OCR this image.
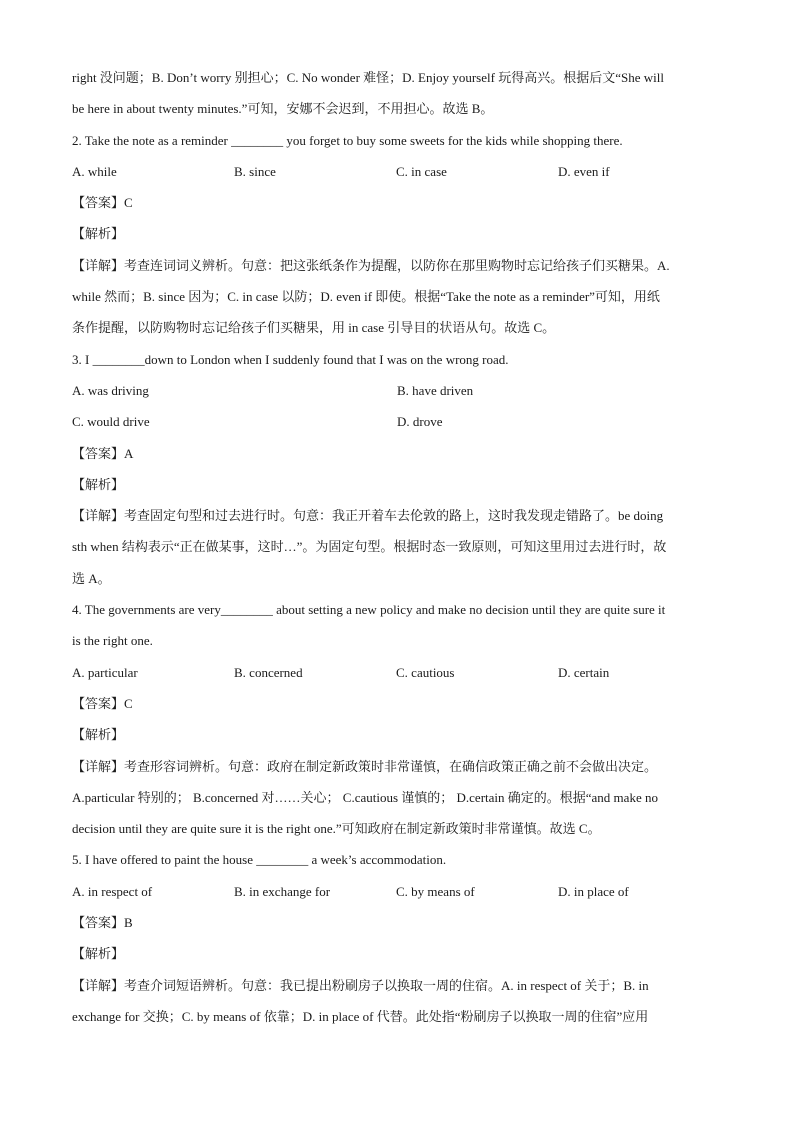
right 没问题；B. Don’t worry 别担心；C. No wonder 难怪；D. Enjoy yourself 玩得高兴。根据后文“She will
be here in about twenty minutes.”可知，安娜不会迟到，不用担心。故选 B。
2. Take the note as a reminder ________ you forget to buy some sweets for the kids while shopping there.
A. while	B. since	C. in case	D. even if
【答案】C
【解析】
【详解】考查连词词义辨析。句意：把这张纸条作为提醒，以防你在那里购物时忘记给孩子们买糖果。A.
while 然而；B. since 因为；C. in case 以防；D. even if 即使。根据“Take the note as a reminder”可知，用纸
条作提醒，以防购物时忘记给孩子们买糖果，用 in case 引导目的状语从句。故选 C。
3. I ________down to London when I suddenly found that I was on the wrong road.
A. was driving	B. have driven
C. would drive	D. drove
【答案】A
【解析】
【详解】考查固定句型和过去进行时。句意：我正开着车去伦敦的路上，这时我发现走错路了。be doing
sth when 结构表示“正在做某事，这时…”。为固定句型。根据时态一致原则，可知这里用过去进行时，故
选 A。
4. The governments are very________ about setting a new policy and make no decision until they are quite sure it
is the right one.
A. particular	B. concerned	C. cautious	D. certain
【答案】C
【解析】
【详解】考查形容词辨析。句意：政府在制定新政策时非常谨慎，在确信政策正确之前不会做出决定。
A.particular 特别的； B.concerned 对……关心； C.cautious 谨慎的； D.certain 确定的。根据“and make no
decision until they are quite sure it is the right one.”可知政府在制定新政策时非常谨慎。故选 C。
5. I have offered to paint the house ________ a week’s accommodation.
A. in respect of	B. in exchange for	C. by means of	D. in place of
【答案】B
【解析】
【详解】考查介词短语辨析。句意：我已提出粉刷房子以换取一周的住宿。A. in respect of 关于；B. in
exchange for 交换；C. by means of 依靠；D. in place of 代替。此处指“粉刷房子以换取一周的住宿”应用
